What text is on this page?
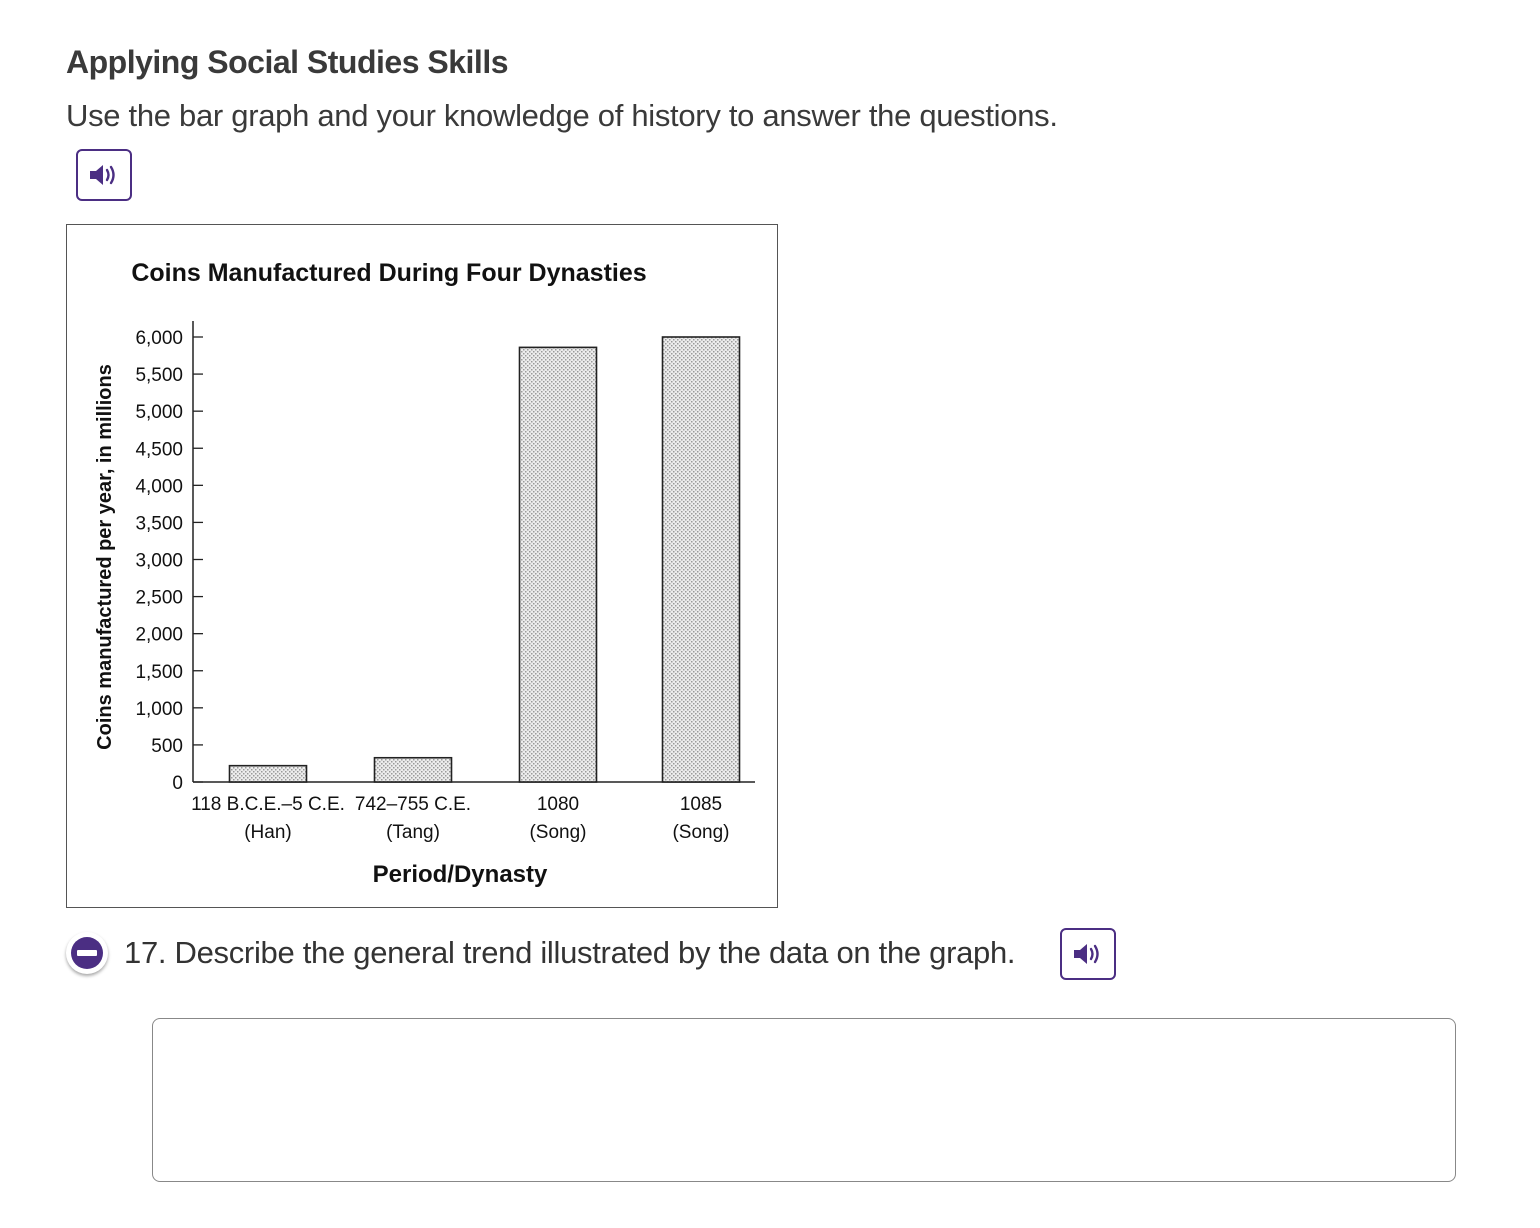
Applying Social Studies Skills
Use the bar graph and your knowledge of history to answer the questions.
Coins Manufactured During Four Dynasties
Coins manufactured per year, in millions
Period/Dynasty
0
500
1,000
1,500
2,000
2,500
3,000
3,500
4,000
4,500
5,000
5,500
6,000
118 B.C.E.–5 C.E.
(Han)
742–755 C.E.
(Tang)
1080
(Song)
1085
(Song)
17. Describe the general trend illustrated by the data on the graph.
